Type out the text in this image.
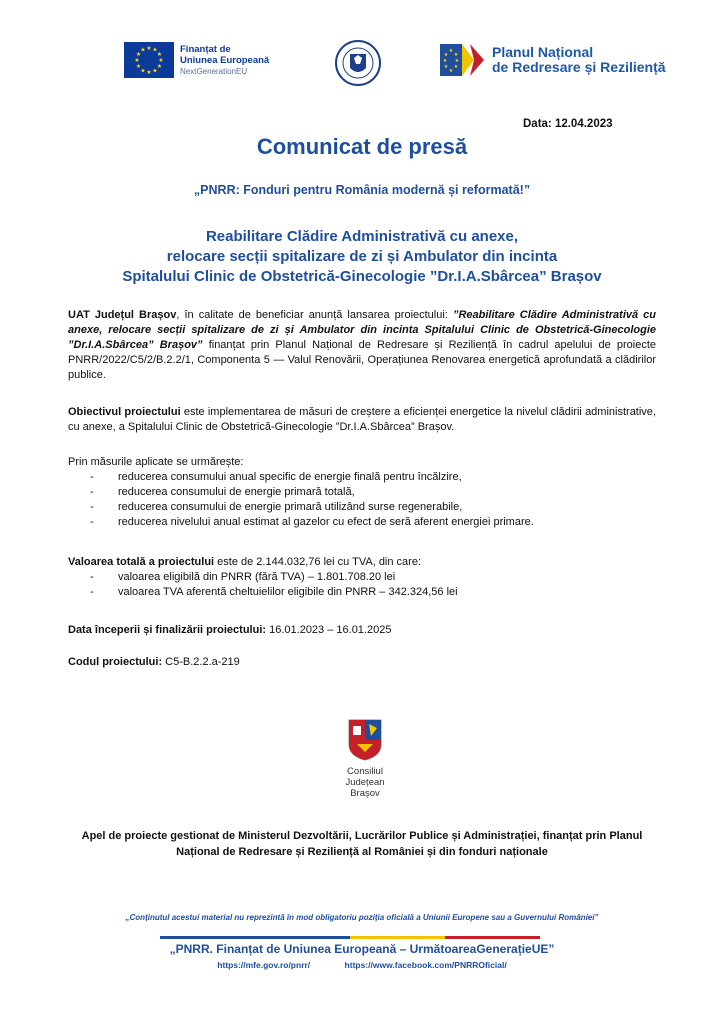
★ ★
★
★
★
★
★
★
★
★
★
★	Finanțat de
Uniunea Europeană
NextGenerationEU
★
★
★
★
★
★
★
★	Planul Național
de Redresare și Reziliență
Data: 12.04.2023
Comunicat de presă
„PNRR: Fonduri pentru România modernă și reformată!”
Reabilitare Clădire Administrativă cu anexe,
relocare secții spitalizare de zi și Ambulator din incinta
Spitalului Clinic de Obstetrică-Ginecologie ”Dr.I.A.Sbârcea” Brașov

UAT Județul Brașov, în calitate de beneficiar anunță lansarea proiectului: ”Reabilitare Clădire Administrativă cu anexe, relocare secții spitalizare de zi și Ambulator din incinta Spitalului Clinic de Obstetrică-Ginecologie ”Dr.I.A.Sbârcea” Brașov” finanțat prin Planul Național de Redresare și Reziliență în cadrul apelului de proiecte PNRR/2022/C5/2/B.2.2/1, Componenta 5 — Valul Renovării, Operațiunea Renovarea energetică aprofundată a clădirilor publice.

Obiectivul proiectului este implementarea de măsuri de creștere a eficienței energetice la nivelul clădirii administrative, cu anexe, a Spitalului Clinic de Obstetrică-Ginecologie ”Dr.I.A.Sbârcea” Brașov.

Prin măsurile aplicate se urmărește:

- reducerea consumului anual specific de energie finală pentru încălzire,
- reducerea consumului de energie primară totală,
- reducerea consumului de energie primară utilizând surse regenerabile,
- reducerea nivelului anual estimat al gazelor cu efect de seră aferent energiei primare.

Valoarea totală a proiectului este de 2.144.032,76 lei cu TVA, din care:

- valoarea eligibilă din PNRR (fără TVA) – 1.801.708.20 lei
- valoarea TVA aferentă cheltuielilor eligibile din PNRR – 342.324,56 lei
Data începerii și finalizării proiectului: 16.01.2023 – 16.01.2025
Codul proiectului: C5-B.2.2.a-219
Consiliul Județean
Brașov
Apel de proiecte gestionat de Ministerul Dezvoltării, Lucrărilor Publice și Administrației, finanțat prin Planul
Național de Redresare și Reziliență al României și din fonduri naționale
„Conținutul acestui material nu reprezintă în mod obligatoriu poziția oficială a Uniunii Europene sau a Guvernului României”
„PNRR. Finanțat de Uniunea Europeană – UrmătoareaGenerațieUE”
https://mfe.gov.ro/pnrr/	https://www.facebook.com/PNRROficial/
